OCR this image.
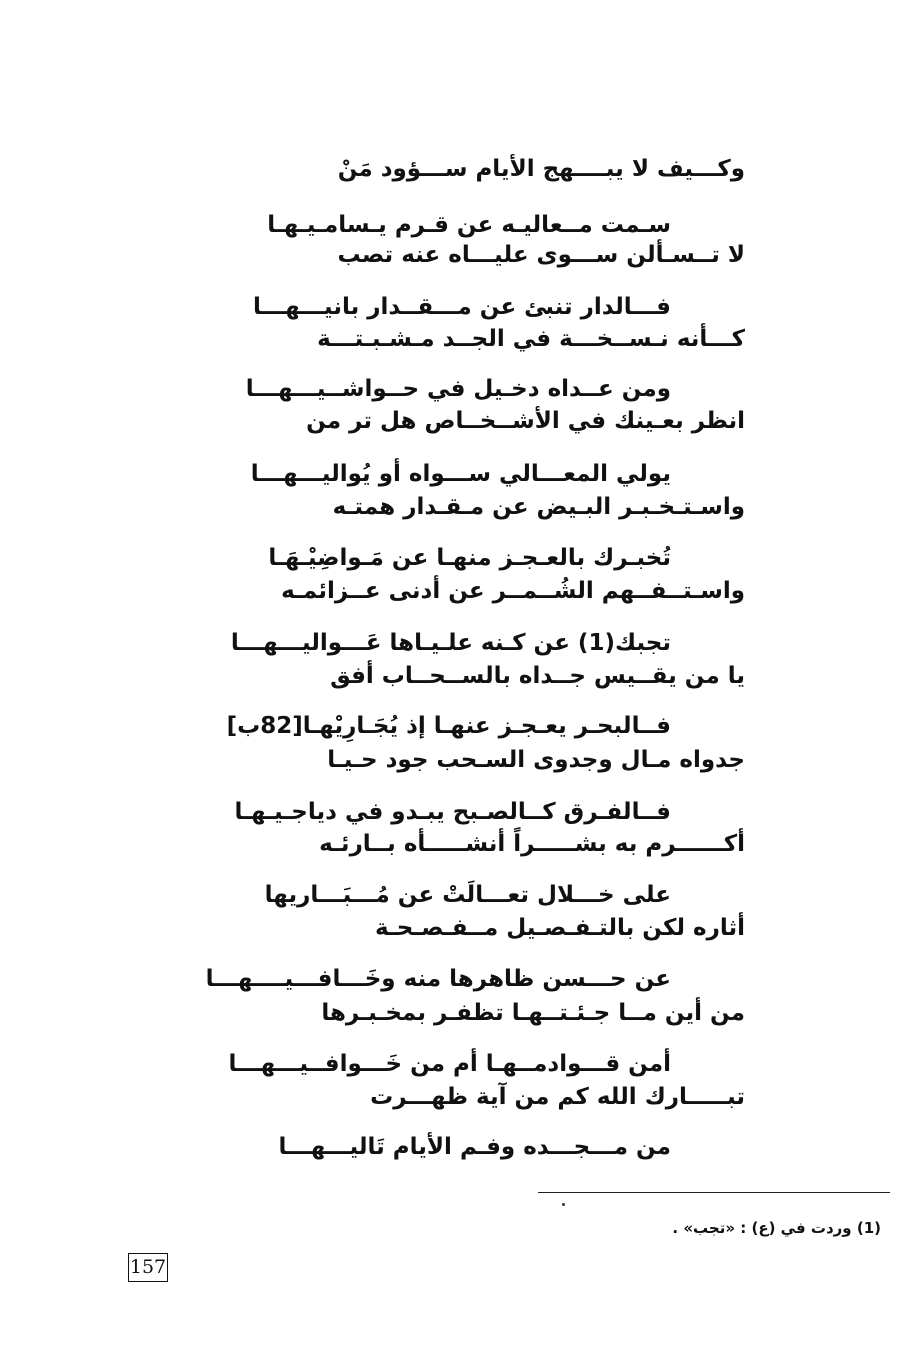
وكـــيف لا يبــــهج الأيام ســـؤود مَنْ
سـمت مــعاليـه عن قـرم يـسامـيـهـا
لا تــسـألن ســـوى عليـــاه عنه تصب
فـــالدار تنبئ عن مـــقــدار بانيـــهـــا
كـــأنه نـســخـــة في الجــد مـشـبـتـــة
ومن عــداه دخـيل في حــواشــيـــهـــا
انظر بعـينك في الأشــخــاص هل تر من
يولي المعـــالي ســـواه أو يُواليـــهـــا
واسـتـخـبـر البـيض عن مـقـدار همتـه
تُخبـرك بالعـجـز منهـا عن مَـواضِيْـهَـا
واسـتــفــهم الشُــمــر عن أدنى عــزائمـه
تجبك(1) عن كـنه علـيـاها عَـــواليـــهـــا
يا من يقــيس جــداه بالســحــاب أفق
فــالبحـر يعـجـز عنهـا إذ يُجَـارِيْهـا[82ب]
جدواه مـال وجدوى السـحب جود حـيـا
فــالفـرق كــالصـبح يبـدو في دياجـيـهـا
أكــــــرم به بشـــــراً أنشـــــأه بــارئـه
على خـــلال تعـــالَتْ عن مُـــبَـــاريها
أثاره لكن بالتـفـصـيل مــفـصـحـة
عن حـــسن ظاهرها منه وخَـــافـــيــــهـــا
من أين مــا جـئـتــهـا تظفـر بمخـبـرها
أمن قـــوادمــهـا أم من خَـــوافــيـــهـــا
تبـــــارك الله كم من آية ظهـــرت
من مـــجـــده وفـم الأيام تَاليـــهـــا
(1) وردت في (ع) : «تجب» .
157
